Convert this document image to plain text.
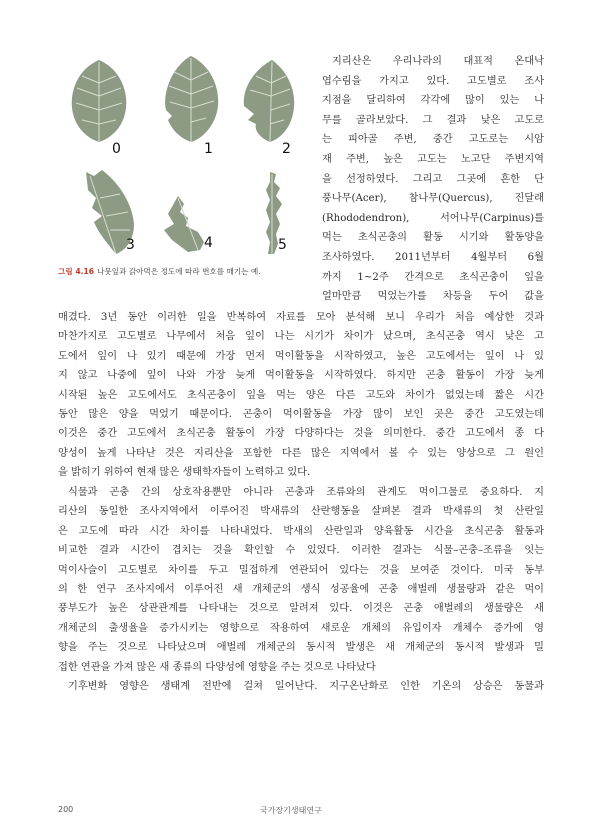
0	1	2
3	4	5
그림 4.16 나뭇잎과 갉아먹은 정도에 따라 번호를 매기는 예.
지리산은 우리나라의 대표적 온대낙
엽수림을 가지고 있다. 고도별로 조사
지점을 달리하여 각각에 많이 있는 나
무를 골라보았다. 그 결과 낮은 고도로
는 피아골 주변, 중간 고도로는 시암
재 주변, 높은 고도는 노고단 주변지역
을 선정하였다. 그리고 그곳에 흔한 단
풍나무(Acer), 참나무(Quercus), 진달래
(Rhododendron), 서어나무(Carpinus)를
먹는 초식곤충의 활동 시기와 활동양을
조사하였다. 2011년부터 4월부터 6월
까지 1~2주 간격으로 초식곤충이 잎을
얼마만큼 먹었는가를 차등을 두어 값을
매겼다. 3년 동안 이러한 일을 반복하여 자료를 모아 분석해 보니 우리가 처음 예상한 것과
마찬가지로 고도별로 나무에서 처음 잎이 나는 시기가 차이가 났으며, 초식곤충 역시 낮은 고
도에서 잎이 나 있기 때문에 가장 먼저 먹이활동을 시작하였고, 높은 고도에서는 잎이 나 있
지 않고 나중에 잎이 나와 가장 늦게 먹이활동을 시작하였다. 하지만 곤충 활동이 가장 늦게
시작된 높은 고도에서도 초식곤충이 잎을 먹는 양은 다른 고도와 차이가 없었는데 짧은 시간
동안 많은 양을 먹었기 때문이다. 곤충이 먹이활동을 가장 많이 보인 곳은 중간 고도였는데
이것은 중간 고도에서 초식곤충 활동이 가장 다양하다는 것을 의미한다. 중간 고도에서 종 다
양성이 높게 나타난 것은 지리산을 포함한 다른 많은 지역에서 볼 수 있는 양상으로 그 원인
을 밝히기 위하여 현재 많은 생태학자들이 노력하고 있다.
식물과 곤충 간의 상호작용뿐만 아니라 곤충과 조류와의 관계도 먹이그물로 중요하다. 지
리산의 동일한 조사지역에서 이루어진 박새류의 산란행동을 살펴본 결과 박새류의 첫 산란일
은 고도에 따라 시간 차이를 나타내었다. 박새의 산란일과 양육활동 시간을 초식곤충 활동과
비교한 결과 시간이 겹치는 것을 확인할 수 있었다. 이러한 결과는 식물–곤충–조류을 잇는
먹이사슬이 고도별로 차이를 두고 밀접하게 연관되어 있다는 것을 보여준 것이다. 미국 동부
의 한 연구 조사지에서 이루어진 새 개체군의 생식 성공율에 곤충 애벌레 생물량과 같은 먹이
풍부도가 높은 상관관계를 나타내는 것으로 알려져 있다. 이것은 곤충 애벌레의 생물량은 새
개체군의 출생율을 증가시키는 영향으로 작용하여 새로운 개체의 유입이자 개체수 증가에 영
향을 주는 것으로 나타났으며 애벌레 개체군의 동시적 발생은 새 개체군의 동시적 발생과 밀
접한 연관을 가져 많은 새 종류의 다양성에 영향을 주는 것으로 나타났다
기후변화 영향은 생태계 전반에 걸쳐 일어난다. 지구온난화로 인한 기온의 상승은 동물과
200	국가장기생태연구
